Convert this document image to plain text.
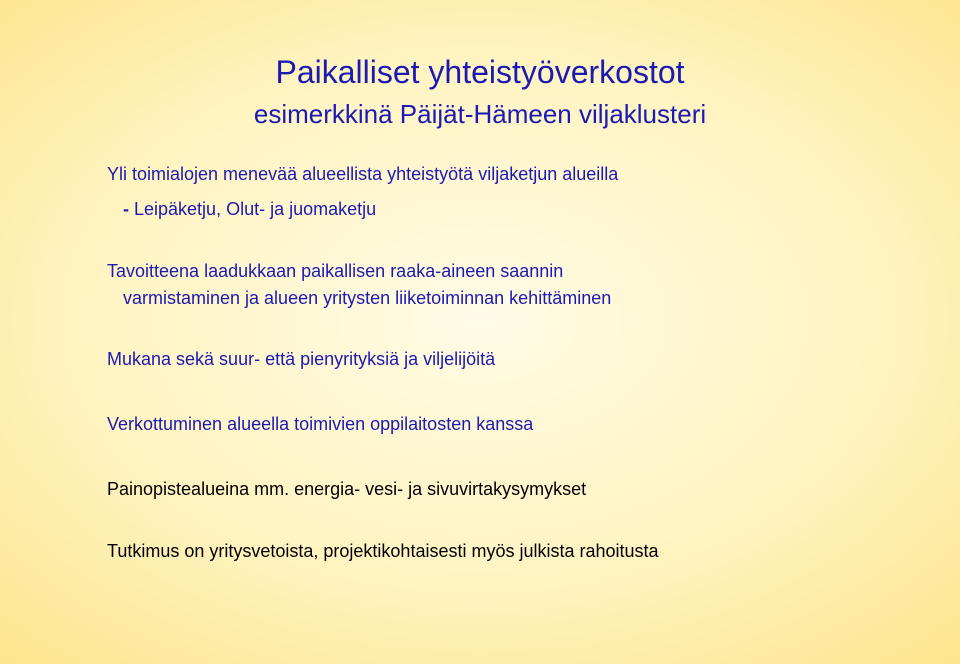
Paikalliset yhteistyöverkostot
esimerkkinä Päijät-Hämeen viljaklusteri
Yli toimialojen menevää alueellista yhteistyötä viljaketjun alueilla
- Leipäketju, Olut- ja juomaketju
Tavoitteena laadukkaan paikallisen raaka-aineen saannin
varmistaminen ja alueen yritysten liiketoiminnan kehittäminen
Mukana sekä suur- että pienyrityksiä ja viljelijöitä
Verkottuminen alueella toimivien oppilaitosten kanssa
Painopistealueina mm. energia- vesi- ja sivuvirtakysymykset
Tutkimus on yritysvetoista, projektikohtaisesti myös julkista rahoitusta
